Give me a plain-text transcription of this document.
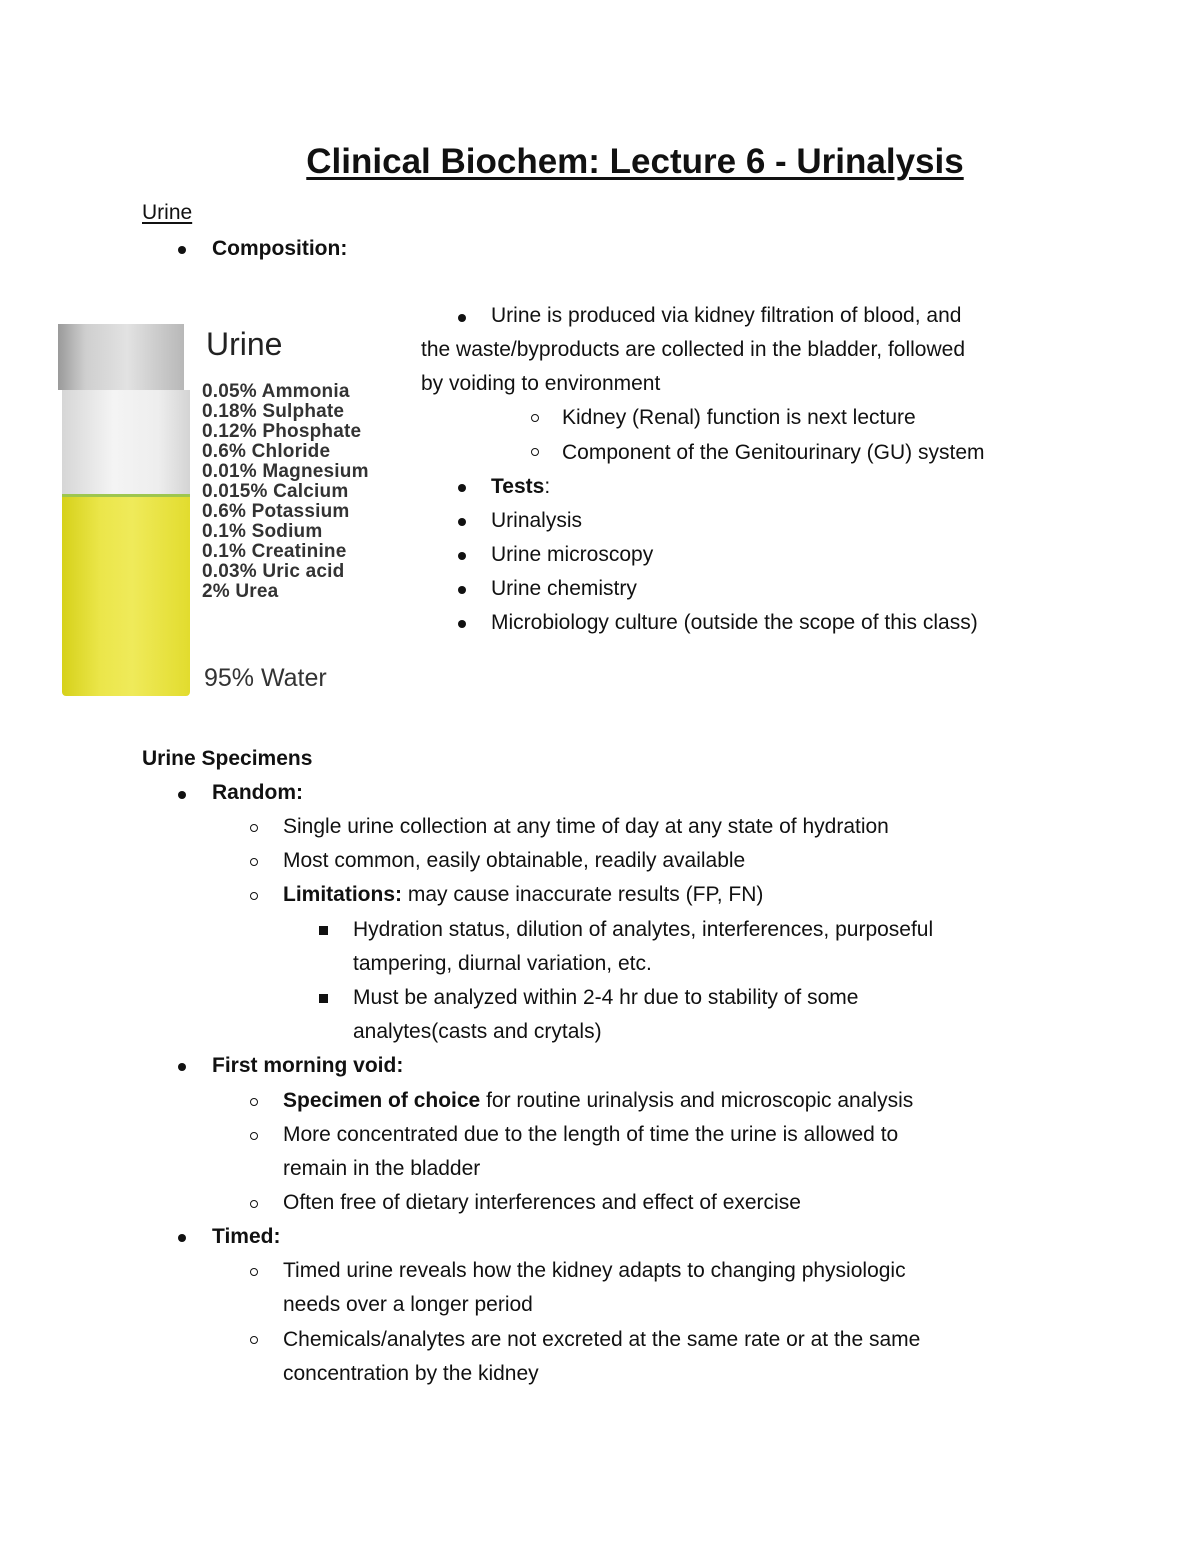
Clinical Biochem: Lecture 6 - Urinalysis
Urine
Composition:
Urine
0.05% Ammonia
0.18% Sulphate
0.12% Phosphate
0.6% Chloride
0.01% Magnesium
0.015% Calcium
0.6% Potassium
0.1% Sodium
0.1% Creatinine
0.03% Uric acid
2% Urea
95% Water
Urine is produced via kidney filtration of blood, and
the waste/byproducts are collected in the bladder, followed
by voiding to environment
Kidney (Renal) function is next lecture
Component of the Genitourinary (GU) system
Tests:
Urinalysis
Urine microscopy
Urine chemistry
Microbiology culture (outside the scope of this class)
Urine Specimens
Random:
Single urine collection at any time of day at any state of hydration
Most common, easily obtainable, readily available
Limitations: may cause inaccurate results (FP, FN)
Hydration status, dilution of analytes, interferences, purposeful
tampering, diurnal variation, etc.
Must be analyzed within 2-4 hr due to stability of some
analytes(casts and crytals)
First morning void:
Specimen of choice for routine urinalysis and microscopic analysis
More concentrated due to the length of time the urine is allowed to
remain in the bladder
Often free of dietary interferences and effect of exercise
Timed:
Timed urine reveals how the kidney adapts to changing physiologic
needs over a longer period
Chemicals/analytes are not excreted at the same rate or at the same
concentration by the kidney
